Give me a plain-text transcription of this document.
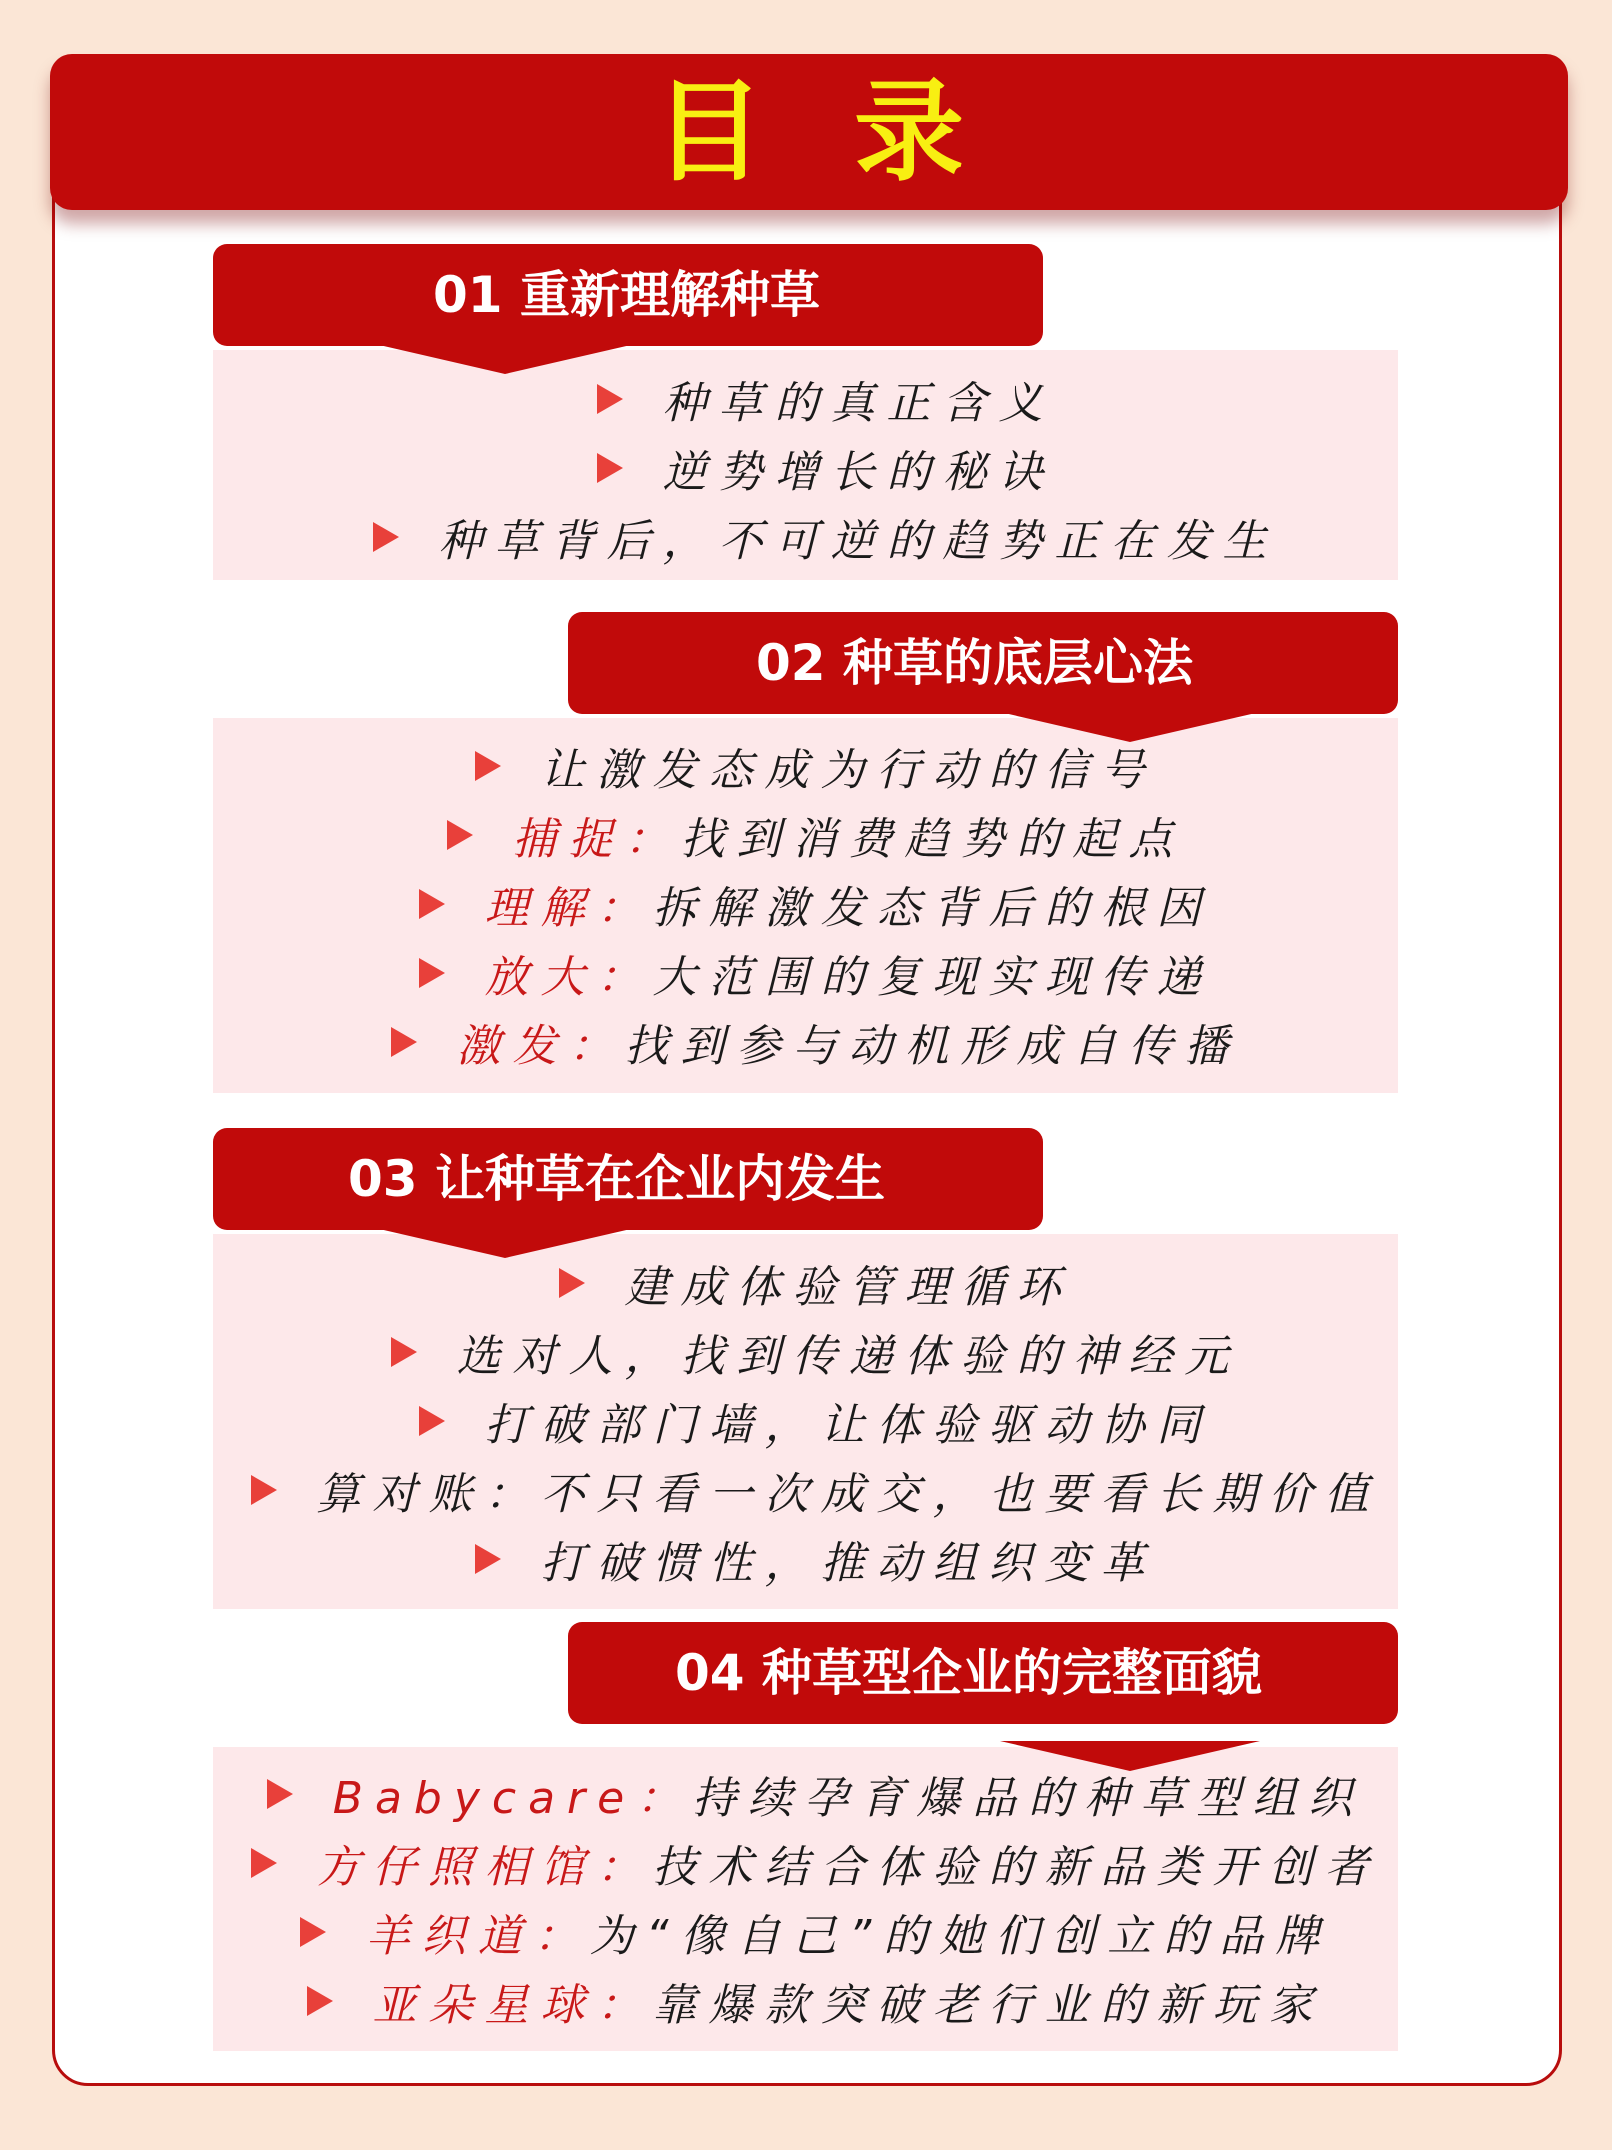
目录
01 重新理解种草
种草的真正含义
逆势增长的秘诀
种草背后，不可逆的趋势正在发生
02 种草的底层心法
让激发态成为行动的信号
捕捉： 找到消费趋势的起点
理解： 拆解激发态背后的根因
放大： 大范围的复现实现传递
激发： 找到参与动机形成自传播
03 让种草在企业内发生
建成体验管理循环
选对人，找到传递体验的神经元
打破部门墙，让体验驱动协同
算对账：不只看一次成交，也要看长期价值
打破惯性，推动组织变革
04 种草型企业的完整面貌
Babycare： 持续孕育爆品的种草型组织
方仔照相馆： 技术结合体验的新品类开创者
羊织道： 为“像自己”的她们创立的品牌
亚朵星球： 靠爆款突破老行业的新玩家
